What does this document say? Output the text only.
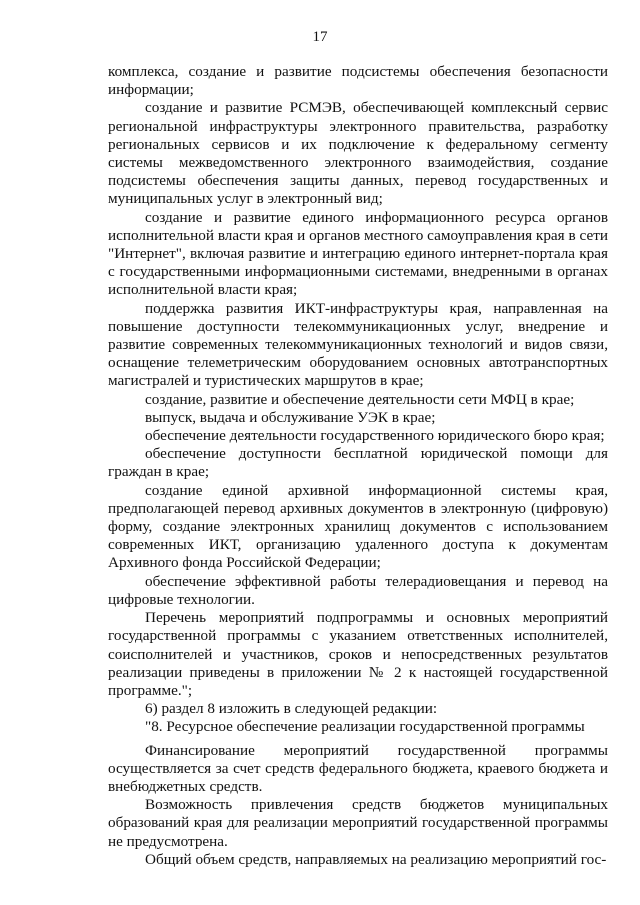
17

комплекса, создание и развитие подсистемы обеспечения безопасности информации;

создание и развитие РСМЭВ, обеспечивающей комплексный сервис региональной инфраструктуры электронного правительства, разработку региональных сервисов и их подключение к федеральному сегменту системы межведомственного электронного взаимодействия, создание подсистемы обеспечения защиты данных, перевод государственных и муниципальных услуг в электронный вид;

создание и развитие единого информационного ресурса органов исполнительной власти края и органов местного самоуправления края в сети "Интернет", включая развитие и интеграцию единого интернет-портала края с государственными информационными системами, внедренными в органах исполнительной власти края;

поддержка развития ИКТ-инфраструктуры края, направленная на повышение доступности телекоммуникационных услуг, внедрение и развитие современных телекоммуникационных технологий и видов связи, оснащение телеметрическим оборудованием основных автотранспортных магистралей и туристических маршрутов в крае;

создание, развитие и обеспечение деятельности сети МФЦ в крае;

выпуск, выдача и обслуживание УЭК в крае;

обеспечение деятельности государственного юридического бюро края;

обеспечение доступности бесплатной юридической помощи для граждан в крае;

создание единой архивной информационной системы края, предполагающей перевод архивных документов в электронную (цифровую) форму, создание электронных хранилищ документов с использованием современных ИКТ, организацию удаленного доступа к документам Архивного фонда Российской Федерации;

обеспечение эффективной работы телерадиовещания и перевод на цифровые технологии.

Перечень мероприятий подпрограммы и основных мероприятий государственной программы с указанием ответственных исполнителей, соисполнителей и участников, сроков и непосредственных результатов реализации приведены в приложении № 2 к настоящей государственной программе.";

6) раздел 8 изложить в следующей редакции:

"8. Ресурсное обеспечение реализации государственной программы

Финансирование мероприятий государственной программы осуществляется за счет средств федерального бюджета, краевого бюджета и внебюджетных средств.

Возможность привлечения средств бюджетов муниципальных образований края для реализации мероприятий государственной программы не предусмотрена.

Общий объем средств, направляемых на реализацию мероприятий гос-
